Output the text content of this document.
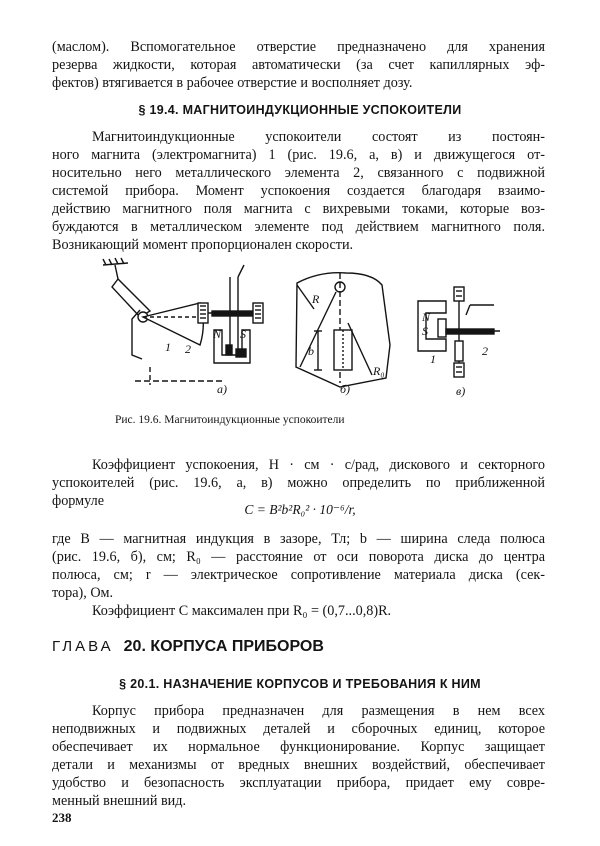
(маслом). Вспомогательное отверстие предназначено для хранения
резерва жидкости, которая автоматически (за счет капиллярных эф-
фектов) втягивается в рабочее отверстие и восполняет дозу.
§ 19.4. МАГНИТОИНДУКЦИОННЫЕ УСПОКОИТЕЛИ
Магнитоиндукционные успокоители состоят из постоян-
ного магнита (электромагнита) 1 (рис. 19.6, а, в) и движущегося от-
носительно него металлического элемента 2, связанного с подвижной
системой прибора. Момент успокоения создается благодаря взаимо-
действию магнитного поля магнита с вихревыми токами, которые воз-
буждаются в металлическом элементе под действием магнитного поля.
Возникающий момент пропорционален скорости.
N S
2
1
а)
R
b
R₀
б)
N
S
1
2
в)
Рис. 19.6. Магнитоиндукционные успокоители
Коэффициент успокоения, Н · см · с/рад, дискового и секторного
успокоителей (рис. 19.6, а, в) можно определить по приближенной
формуле
C = B²b²R₀² · 10⁻⁶/r,
где B — магнитная индукция в зазоре, Тл; b — ширина следа полюса
(рис. 19.6, б), см; R₀ — расстояние от оси поворота диска до центра
полюса, см; r — электрическое сопротивление материала диска (сек-
тора), Ом.
Коэффициент C максимален при R₀ = (0,7...0,8)R.
ГЛАВА 20. КОРПУСА ПРИБОРОВ
§ 20.1. НАЗНАЧЕНИЕ КОРПУСОВ И ТРЕБОВАНИЯ К НИМ
Корпус прибора предназначен для размещения в нем всех
неподвижных и подвижных деталей и сборочных единиц, которое
обеспечивает их нормальное функционирование. Корпус защищает
детали и механизмы от вредных внешних воздействий, обеспечивает
удобство и безопасность эксплуатации прибора, придает ему совре-
менный внешний вид.
238
